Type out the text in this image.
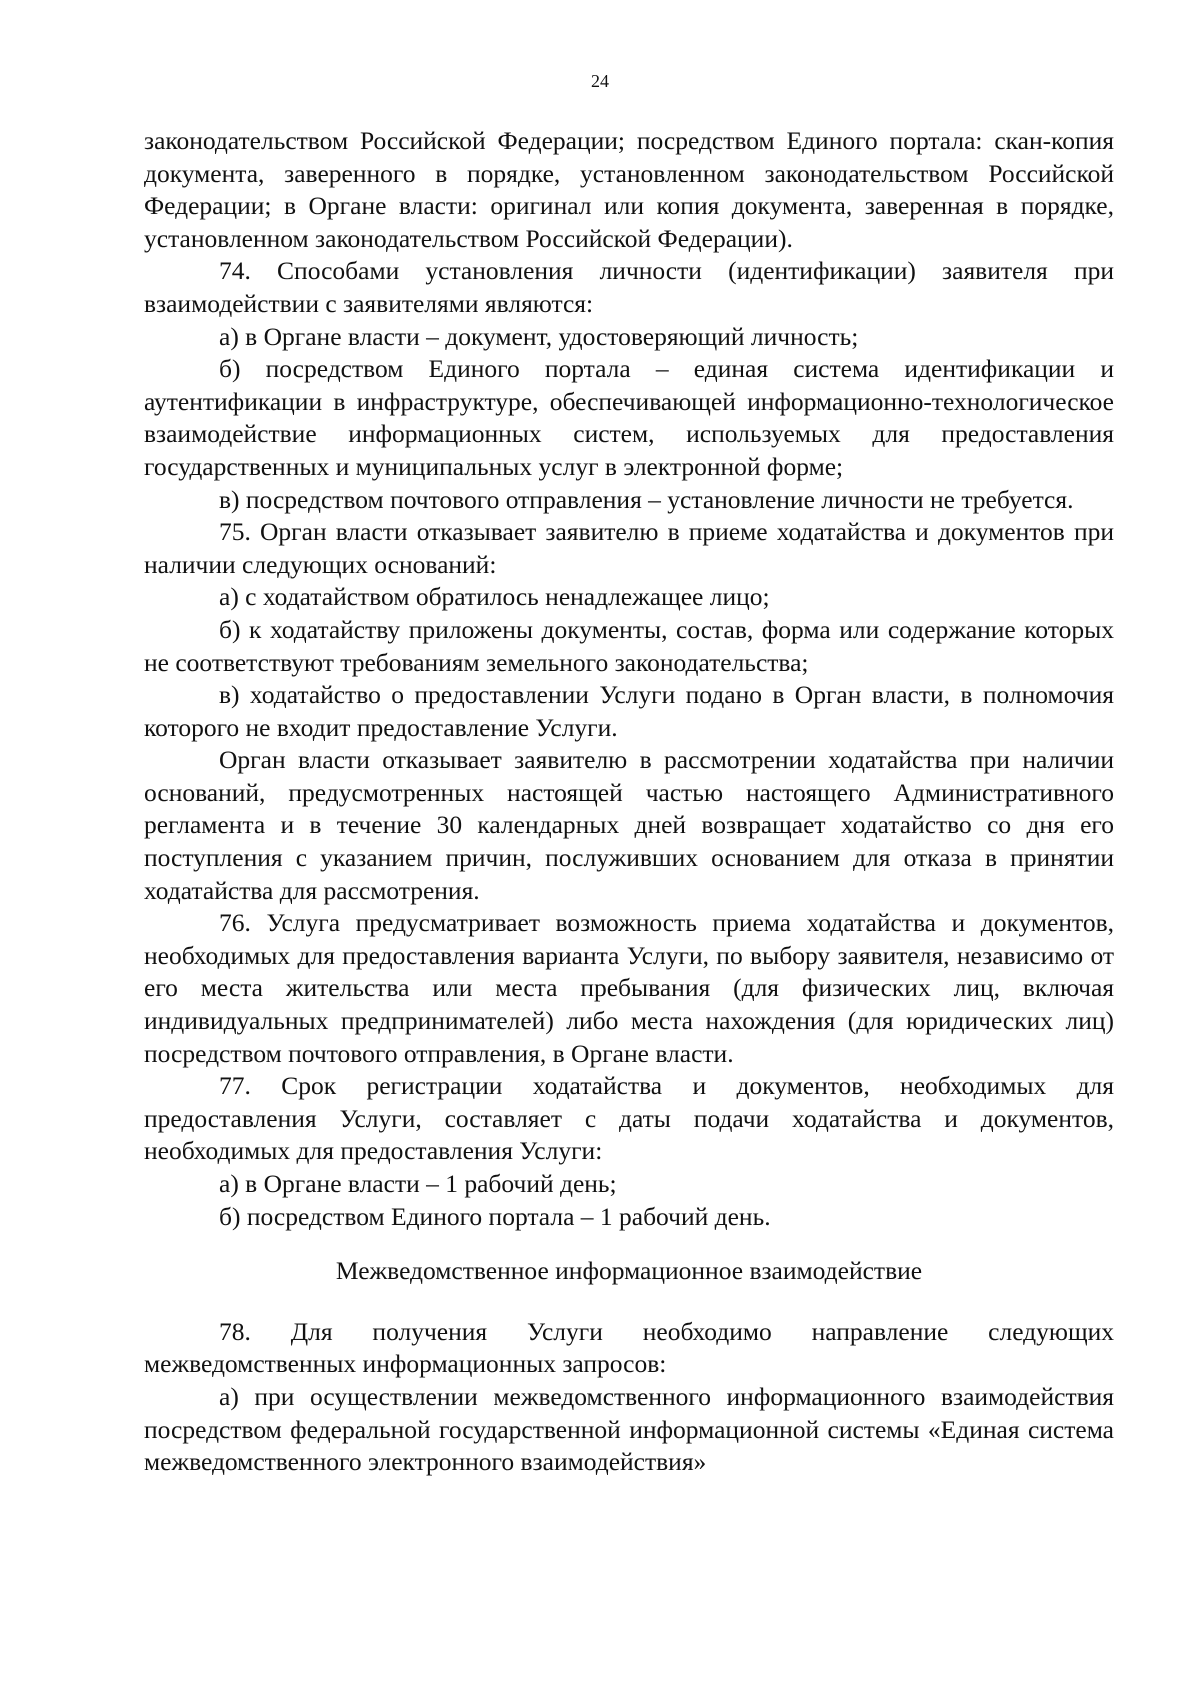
24

законодательством Российской Федерации; посредством Единого портала: скан-копия документа, заверенного в порядке, установленном законодательством Российской Федерации; в Органе власти: оригинал или копия документа, заверенная в порядке, установленном законодательством Российской Федерации).

74. Способами установления личности (идентификации) заявителя при взаимодействии с заявителями являются:

а) в Органе власти – документ, удостоверяющий личность;

б) посредством Единого портала – единая система идентификации и аутентификации в инфраструктуре, обеспечивающей информационно-технологическое взаимодействие информационных систем, используемых для предоставления государственных и муниципальных услуг в электронной форме;

в) посредством почтового отправления – установление личности не требуется.

75. Орган власти отказывает заявителю в приеме ходатайства и документов при наличии следующих оснований:

а) с ходатайством обратилось ненадлежащее лицо;

б) к ходатайству приложены документы, состав, форма или содержание которых не соответствуют требованиям земельного законодательства;

в) ходатайство о предоставлении Услуги подано в Орган власти, в полномочия которого не входит предоставление Услуги.

Орган власти отказывает заявителю в рассмотрении ходатайства при наличии оснований, предусмотренных настоящей частью настоящего Административного регламента и в течение 30 календарных дней возвращает ходатайство со дня его поступления с указанием причин, послуживших основанием для отказа в принятии ходатайства для рассмотрения.

76. Услуга предусматривает возможность приема ходатайства и документов, необходимых для предоставления варианта Услуги, по выбору заявителя, независимо от его места жительства или места пребывания (для физических лиц, включая индивидуальных предпринимателей) либо места нахождения (для юридических лиц) посредством почтового отправления, в Органе власти.

77. Срок регистрации ходатайства и документов, необходимых для предоставления Услуги, составляет с даты подачи ходатайства и документов, необходимых для предоставления Услуги:

а) в Органе власти – 1 рабочий день;

б) посредством Единого портала – 1 рабочий день.

Межведомственное информационное взаимодействие

78. Для получения Услуги необходимо направление следующих межведомственных информационных запросов:

а) при осуществлении межведомственного информационного взаимодействия посредством федеральной государственной информационной системы «Единая система межведомственного электронного взаимодействия»
